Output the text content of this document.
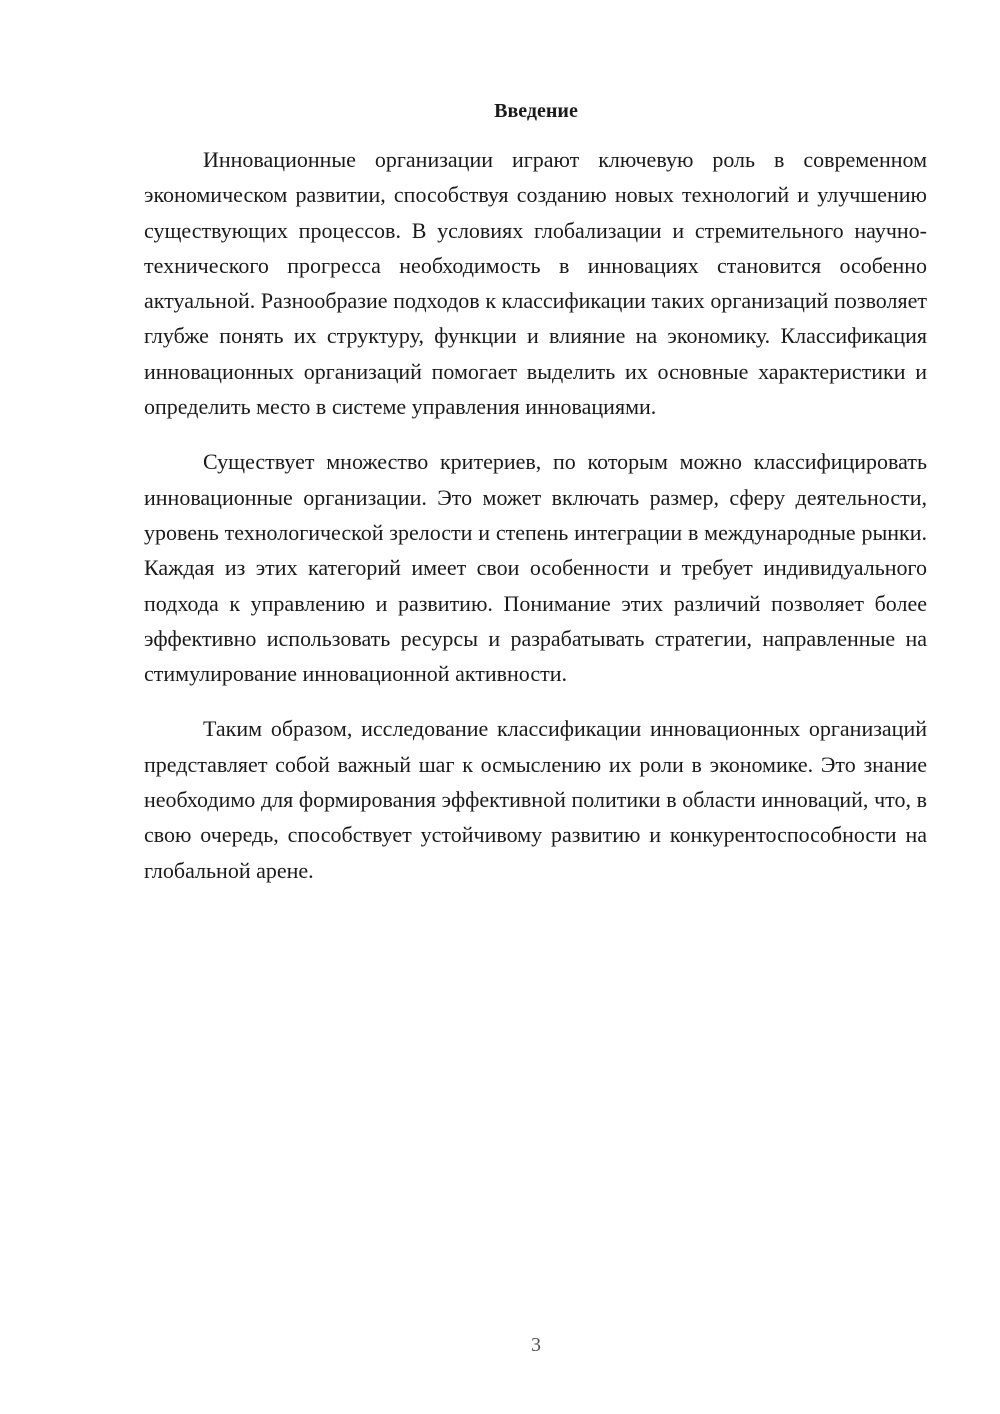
Введение

Инновационные организации играют ключевую роль в современном экономическом развитии, способствуя созданию новых технологий и улучшению существующих процессов. В условиях глобализации и стремительного научно-технического прогресса необходимость в инновациях становится особенно актуальной. Разнообразие подходов к классификации таких организаций позволяет глубже понять их структуру, функции и влияние на экономику. Классификация инновационных организаций помогает выделить их основные характеристики и определить место в системе управления инновациями.

Существует множество критериев, по которым можно классифицировать инновационные организации. Это может включать размер, сферу деятельности, уровень технологической зрелости и степень интеграции в международные рынки. Каждая из этих категорий имеет свои особенности и требует индивидуального подхода к управлению и развитию. Понимание этих различий позволяет более эффективно использовать ресурсы и разрабатывать стратегии, направленные на стимулирование инновационной активности.

Таким образом, исследование классификации инновационных организаций представляет собой важный шаг к осмыслению их роли в экономике. Это знание необходимо для формирования эффективной политики в области инноваций, что, в свою очередь, способствует устойчивому развитию и конкурентоспособности на глобальной арене.

3
